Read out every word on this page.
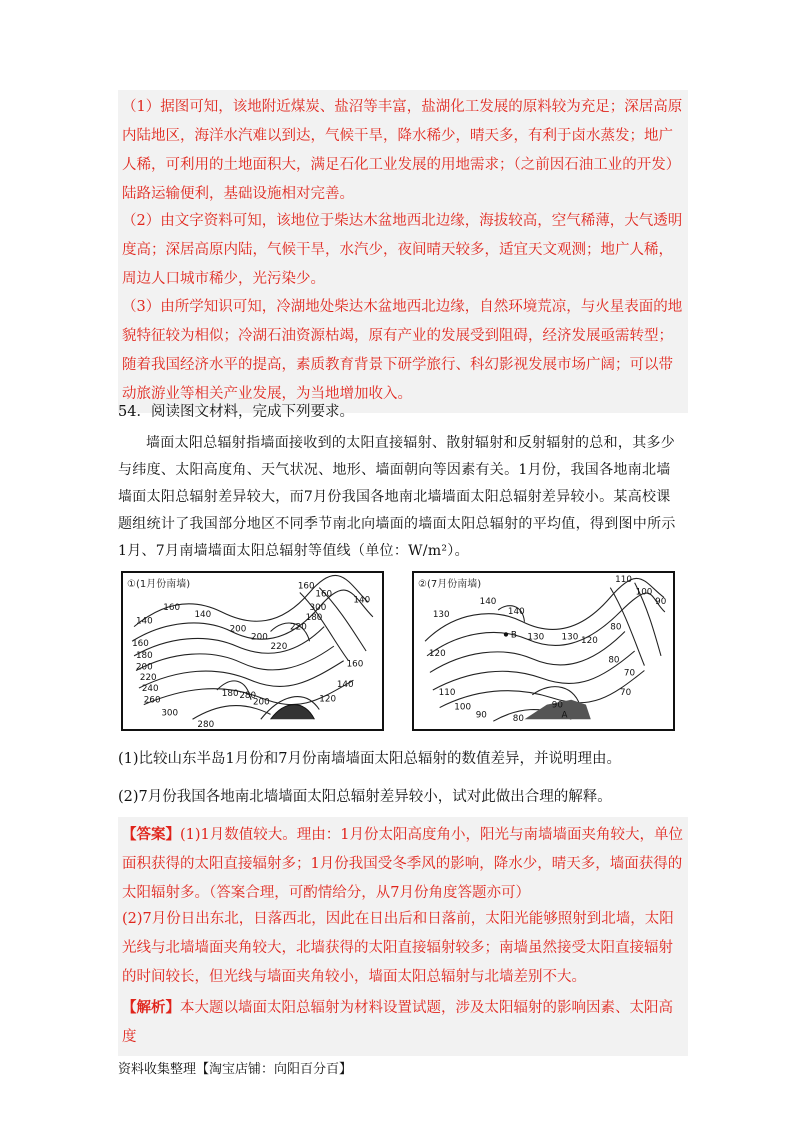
（1）据图可知，该地附近煤炭、盐沼等丰富，盐湖化工发展的原料较为充足；深居高原内陆地区，海洋水汽难以到达，气候干旱，降水稀少，晴天多，有利于卤水蒸发；地广人稀，可利用的土地面积大，满足石化工业发展的用地需求；（之前因石油工业的开发）陆路运输便利，基础设施相对完善。
（2）由文字资料可知，该地位于柴达木盆地西北边缘，海拔较高，空气稀薄，大气透明度高；深居高原内陆，气候干旱，水汽少，夜间晴天较多，适宜天文观测；地广人稀，周边人口城市稀少，光污染少。
（3）由所学知识可知，冷湖地处柴达木盆地西北边缘，自然环境荒凉，与火星表面的地貌特征较为相似；冷湖石油资源枯竭，原有产业的发展受到阻碍，经济发展亟需转型；随着我国经济水平的提高，素质教育背景下研学旅行、科幻影视发展市场广阔；可以带动旅游业等相关产业发展，为当地增加收入。
54．阅读图文材料，完成下列要求。
墙面太阳总辐射指墙面接收到的太阳直接辐射、散射辐射和反射辐射的总和，其多少与纬度、太阳高度角、天气状况、地形、墙面朝向等因素有关。1月份，我国各地南北墙墙面太阳总辐射差异较大，而7月份我国各地南北墙墙面太阳总辐射差异较小。某高校课题组统计了我国部分地区不同季节南北向墙面的墙面太阳总辐射的平均值，得到图中所示1月、7月南墙墙面太阳总辐射等值线（单位：W/m²）。
160
140
140
160
160
180
200
200
220
220
240
260
280
300
300
280
200
180
160
140
120
160
180
200
220
140
①(1月份南墙)	110
100
90
130
140
140
130 130
120
120
110
100
90	80
90
80
70
70
80
B
A
②(7月份南墙)
(1)比较山东半岛1月份和7月份南墙墙面太阳总辐射的数值差异，并说明理由。
(2)7月份我国各地南北墙墙面太阳总辐射差异较小，试对此做出合理的解释。
【答案】(1)1月数值较大。理由：1月份太阳高度角小，阳光与南墙墙面夹角较大，单位面积获得的太阳直接辐射多；1月份我国受冬季风的影响，降水少，晴天多，墙面获得的太阳辐射多。（答案合理，可酌情给分，从7月份角度答题亦可）
(2)7月份日出东北，日落西北，因此在日出后和日落前，太阳光能够照射到北墙，太阳光线与北墙墙面夹角较大，北墙获得的太阳直接辐射较多；南墙虽然接受太阳直接辐射的时间较长，但光线与墙面夹角较小，墙面太阳总辐射与北墙差别不大。
【解析】本大题以墙面太阳总辐射为材料设置试题，涉及太阳辐射的影响因素、太阳高度
资料收集整理【淘宝店铺：向阳百分百】
